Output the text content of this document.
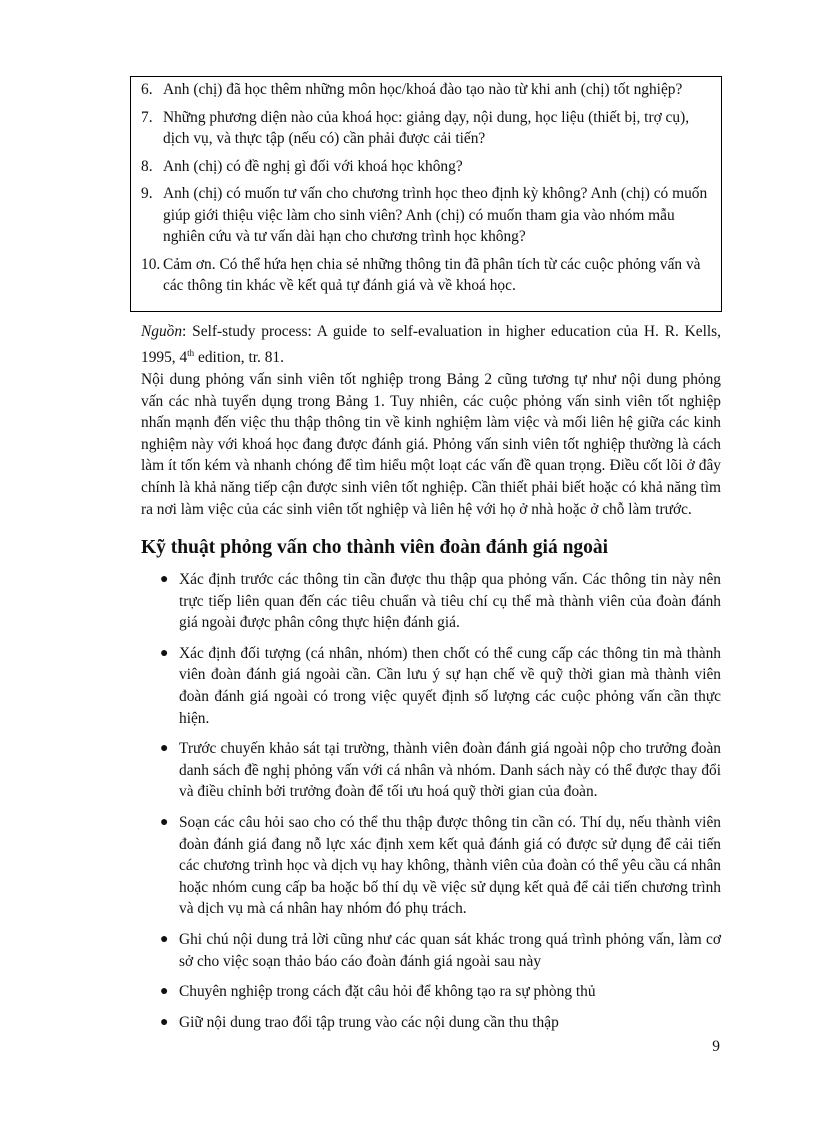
6. Anh (chị) đã học thêm những môn học/khoá đào tạo nào từ khi anh (chị) tốt nghiệp?
7. Những phương diện nào của khoá học: giảng dạy, nội dung, học liệu (thiết bị, trợ cụ), dịch vụ, và thực tập (nếu có) cần phải được cải tiến?
8. Anh (chị) có đề nghị gì đối với khoá học không?
9. Anh (chị) có muốn tư vấn cho chương trình học theo định kỳ không? Anh (chị) có muốn giúp giới thiệu việc làm cho sinh viên? Anh (chị) có muốn tham gia vào nhóm mẫu nghiên cứu và tư vấn dài hạn cho chương trình học không?
10. Cảm ơn. Có thể hứa hẹn chia sẻ những thông tin đã phân tích từ các cuộc phỏng vấn và các thông tin khác về kết quả tự đánh giá và về khoá học.
Nguồn: Self-study process: A guide to self-evaluation in higher education của H. R. Kells, 1995, 4th edition, tr. 81.

Nội dung phỏng vấn sinh viên tốt nghiệp trong Bảng 2 cũng tương tự như nội dung phỏng vấn các nhà tuyển dụng trong Bảng 1. Tuy nhiên, các cuộc phỏng vấn sinh viên tốt nghiệp nhấn mạnh đến việc thu thập thông tin về kinh nghiệm làm việc và mối liên hệ giữa các kinh nghiệm này với khoá học đang được đánh giá. Phỏng vấn sinh viên tốt nghiệp thường là cách làm ít tốn kém và nhanh chóng để tìm hiểu một loạt các vấn đề quan trọng. Điều cốt lõi ở đây chính là khả năng tiếp cận được sinh viên tốt nghiệp. Cần thiết phải biết hoặc có khả năng tìm ra nơi làm việc của các sinh viên tốt nghiệp và liên hệ với họ ở nhà hoặc ở chỗ làm trước.

Kỹ thuật phỏng vấn cho thành viên đoàn đánh giá ngoài
● Xác định trước các thông tin cần được thu thập qua phỏng vấn. Các thông tin này nên trực tiếp liên quan đến các tiêu chuẩn và tiêu chí cụ thể mà thành viên của đoàn đánh giá ngoài được phân công thực hiện đánh giá.
● Xác định đối tượng (cá nhân, nhóm) then chốt có thể cung cấp các thông tin mà thành viên đoàn đánh giá ngoài cần. Cần lưu ý sự hạn chế về quỹ thời gian mà thành viên đoàn đánh giá ngoài có trong việc quyết định số lượng các cuộc phỏng vấn cần thực hiện.
● Trước chuyến khảo sát tại trường, thành viên đoàn đánh giá ngoài nộp cho trưởng đoàn danh sách đề nghị phỏng vấn với cá nhân và nhóm. Danh sách này có thể được thay đổi và điều chỉnh bởi trưởng đoàn để tối ưu hoá quỹ thời gian của đoàn.
● Soạn các câu hỏi sao cho có thể thu thập được thông tin cần có. Thí dụ, nếu thành viên đoàn đánh giá đang nỗ lực xác định xem kết quả đánh giá có được sử dụng để cải tiến các chương trình học và dịch vụ hay không, thành viên của đoàn có thể yêu cầu cá nhân hoặc nhóm cung cấp ba hoặc bố thí dụ về việc sử dụng kết quả để cải tiến chương trình và dịch vụ mà cá nhân hay nhóm đó phụ trách.
● Ghi chú nội dung trả lời cũng như các quan sát khác trong quá trình phỏng vấn, làm cơ sở cho việc soạn thảo báo cáo đoàn đánh giá ngoài sau này
● Chuyên nghiệp trong cách đặt câu hỏi để không tạo ra sự phòng thủ
● Giữ nội dung trao đổi tập trung vào các nội dung cần thu thập
9
